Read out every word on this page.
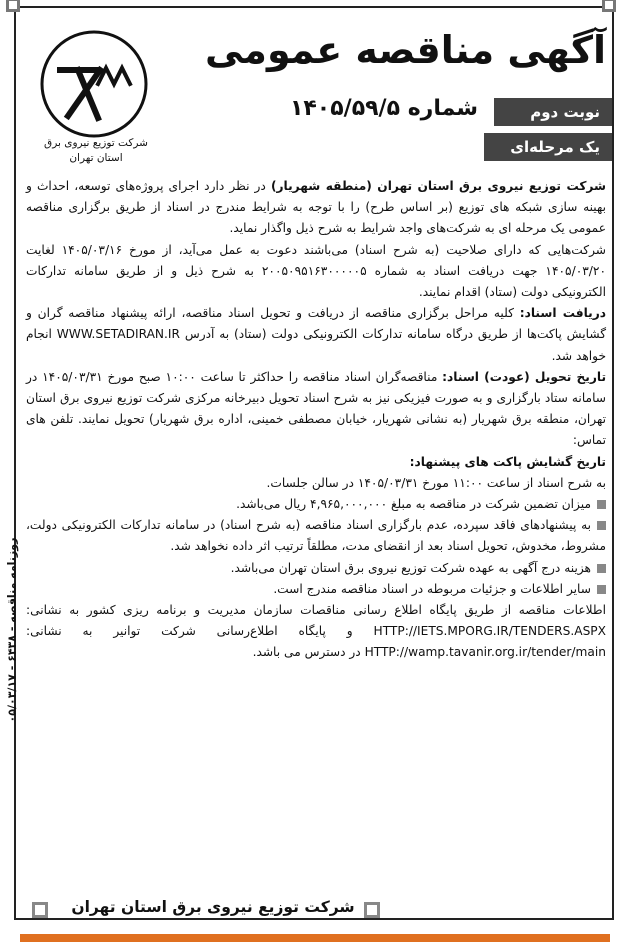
شرکت توزیع نیروی برق
استان تهران
آگهی مناقصه عمومی
نوبت دوم
شماره ۱۴۰۵/۵۹/۵
یک مرحله‌ای

شرکت توزیع نیروی برق استان تهران (منطقه شهریار) در نظر دارد اجرای پروژه‌های توسعه، احداث و بهینه سازی شبکه های توزیع (بر اساس طرح) را با توجه به شرایط مندرج در اسناد از طریق برگزاری مناقصه عمومی یک مرحله ای به شرکت‌های واجد شرایط به شرح ذیل واگذار نماید.

شرکت‌هایی که دارای صلاحیت (به شرح اسناد) می‌باشند دعوت به عمل می‌آید، از مورخ ۱۴۰۵/۰۳/۱۶ لغایت ۱۴۰۵/۰۳/۲۰ جهت دریافت اسناد به شماره ۲۰۰۵۰۹۵۱۶۳۰۰۰۰۰۵ به شرح ذیل و از طریق سامانه تدارکات الکترونیکی دولت (ستاد) اقدام نمایند.

دریافت اسناد: کلیه مراحل برگزاری مناقصه از دریافت و تحویل اسناد مناقصه، ارائه پیشنهاد مناقصه گران و گشایش پاکت‌ها از طریق درگاه سامانه تدارکات الکترونیکی دولت (ستاد) به آدرس WWW.SETADIRAN.IR انجام خواهد شد.

تاریخ تحویل (عودت) اسناد: مناقصه‌گران اسناد مناقصه را حداکثر تا ساعت ۱۰:۰۰ صبح مورخ ۱۴۰۵/۰۳/۳۱ در سامانه ستاد بارگزاری و به صورت فیزیکی نیز به شرح اسناد تحویل دبیرخانه مرکزی شرکت توزیع نیروی برق استان تهران، منطقه برق شهریار (به نشانی شهریار، خیابان مصطفی خمینی، اداره برق شهریار) تحویل نمایند. تلفن های تماس:

تاریخ گشایش پاکت های پیشنهاد:

به شرح اسناد از ساعت ۱۱:۰۰ مورخ ۱۴۰۵/۰۳/۳۱ در سالن جلسات.

میزان تضمین شرکت در مناقصه به مبلغ ۴,۹۶۵,۰۰۰,۰۰۰ ریال می‌باشد.

به پیشنهادهای فاقد سپرده، عدم بارگزاری اسناد مناقصه (به شرح اسناد) در سامانه تدارکات الکترونیکی دولت، مشروط، مخدوش، تحویل اسناد بعد از انقضای مدت، مطلقاً ترتیب اثر داده نخواهد شد.

هزینه درج آگهی به عهده شرکت توزیع نیروی برق استان تهران می‌باشد.

سایر اطلاعات و جزئیات مربوطه در اسناد مناقصه مندرج است.

اطلاعات مناقصه از طریق پایگاه اطلاع رسانی مناقصات سازمان مدیریت و برنامه ریزی کشور به نشانی: HTTP://IETS.MPORG.IR/TENDERS.ASPX و پایگاه اطلاع‌رسانی شرکت توانیر به نشانی: HTTP://wamp.tavanir.org.ir/tender/main در دسترس می باشد.

روزنامه مناقصه - ۶۴۳۸ - ۰۵/۰۳/۱۷
شرکت توزیع نیروی برق استان تهران
